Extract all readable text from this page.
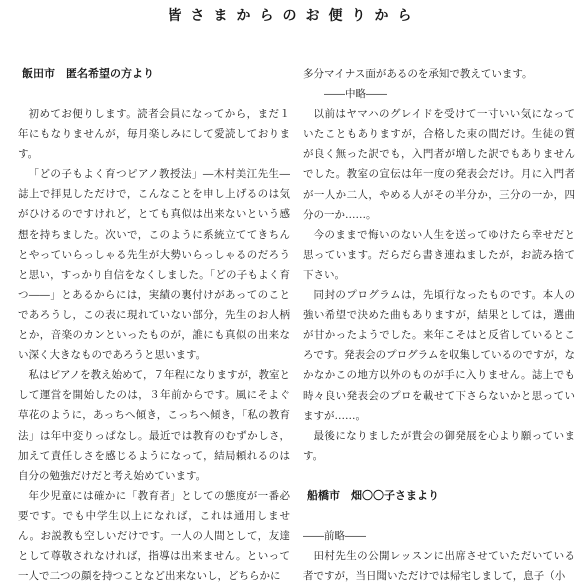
皆さまからのお便りから
飯田市　匿名希望の方より

初めてお便りします。読者会員になってから，まだ１年にもなりませんが，毎月楽しみにして愛読しております。

「どの子もよく育つピアノ教授法」―木村美江先生―誌上で拝見しただけで，こんなことを申し上げるのは気がひけるのですけれど，とても真似は出来ないという感想を持ちました。次いで，このように系統立ててきちんとやっていらっしゃる先生が大勢いらっしゃるのだろうと思い，すっかり自信をなくしました。「どの子もよく育つ――」とあるからには，実績の裏付けがあってのことであろうし，この表に現れていない部分，先生のお人柄とか，音楽のカンといったものが，誰にも真似の出来ない深く大きなものであろうと思います。

私はピアノを教え始めて，７年程になりますが，教室として運営を開始したのは，３年前からです。風にそよぐ草花のように，あっちへ傾き，こっちへ傾き，「私の教育法」は年中変りっぱなし。最近では教育のむずかしさ，加えて責任しさを感じるようになって，結局頼れるのは自分の勉強だけだと考え始めています。

年少児童には確かに「教育者」としての態度が一番必要です。でも中学生以上になれば，これは通用しません。お説教も空しいだけです。一人の人間として，友達として尊敬されなければ，指導は出来ません。といって一人で二つの顔を持つことなど出来ないし，どちらかに

多分マイナス面があるのを承知で教えています。

――中略――

以前はヤマハのグレイドを受けて一寸いい気になっていたこともありますが，合格した束の間だけ。生徒の質が良く無った訳でも，入門者が増した訳でもありませんでした。教室の宣伝は年一度の発表会だけ。月に入門者が一人か二人，やめる人がその半分か，三分の一か，四分の一か……。

今のままで悔いのない人生を送ってゆけたら幸せだと思っています。だらだら書き連ねましたが，お読み捨て下さい。

同封のプログラムは，先頃行なったものです。本人の強い希望で決めた曲もありますが，結果としては，選曲が甘かったようでした。来年こそはと反省しているところです。発表会のプログラムを収集しているのですが，なかなかこの地方以外のものが手に入りません。誌上でも時々良い発表会のプロを載せて下さらないかと思っていますが……。

最後になりましたが貴会の御発展を心より願っています。

船橋市　畑〇〇子さまより

――前略――

田村先生の公開レッスンに出席させていただいている者ですが，当日聞いただけでは帰宅しまして，息子（小
